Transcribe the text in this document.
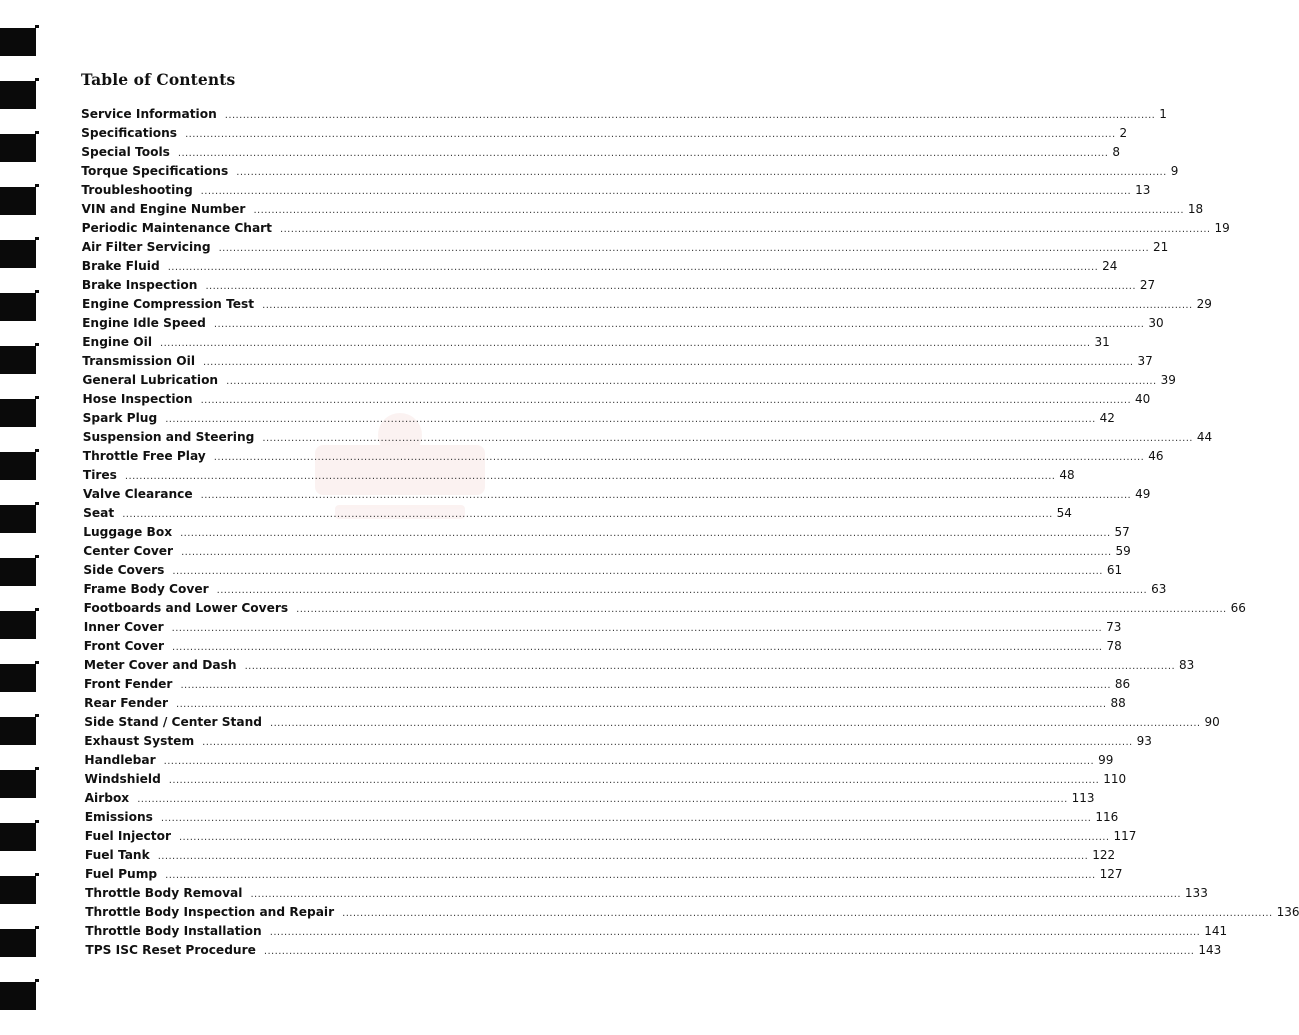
Table of Contents
Service Information .................................................................................................................................................................................................................................................................... 1
Specifications .................................................................................................................................................................................................................................................................... 2
Special Tools .................................................................................................................................................................................................................................................................... 8
Torque Specifications .................................................................................................................................................................................................................................................................... 9
Troubleshooting .................................................................................................................................................................................................................................................................... 13
VIN and Engine Number .................................................................................................................................................................................................................................................................... 18
Periodic Maintenance Chart .................................................................................................................................................................................................................................................................... 19
Air Filter Servicing .................................................................................................................................................................................................................................................................... 21
Brake Fluid .................................................................................................................................................................................................................................................................... 24
Brake Inspection .................................................................................................................................................................................................................................................................... 27
Engine Compression Test .................................................................................................................................................................................................................................................................... 29
Engine Idle Speed .................................................................................................................................................................................................................................................................... 30
Engine Oil .................................................................................................................................................................................................................................................................... 31
Transmission Oil .................................................................................................................................................................................................................................................................... 37
General Lubrication .................................................................................................................................................................................................................................................................... 39
Hose Inspection .................................................................................................................................................................................................................................................................... 40
Spark Plug .................................................................................................................................................................................................................................................................... 42
Suspension and Steering .................................................................................................................................................................................................................................................................... 44
Throttle Free Play .................................................................................................................................................................................................................................................................... 46
Tires .................................................................................................................................................................................................................................................................... 48
Valve Clearance .................................................................................................................................................................................................................................................................... 49
Seat .................................................................................................................................................................................................................................................................... 54
Luggage Box .................................................................................................................................................................................................................................................................... 57
Center Cover .................................................................................................................................................................................................................................................................... 59
Side Covers .................................................................................................................................................................................................................................................................... 61
Frame Body Cover .................................................................................................................................................................................................................................................................... 63
Footboards and Lower Covers .................................................................................................................................................................................................................................................................... 66
Inner Cover .................................................................................................................................................................................................................................................................... 73
Front Cover .................................................................................................................................................................................................................................................................... 78
Meter Cover and Dash .................................................................................................................................................................................................................................................................... 83
Front Fender .................................................................................................................................................................................................................................................................... 86
Rear Fender .................................................................................................................................................................................................................................................................... 88
Side Stand / Center Stand .................................................................................................................................................................................................................................................................... 90
Exhaust System .................................................................................................................................................................................................................................................................... 93
Handlebar .................................................................................................................................................................................................................................................................... 99
Windshield .................................................................................................................................................................................................................................................................... 110
Airbox .................................................................................................................................................................................................................................................................... 113
Emissions .................................................................................................................................................................................................................................................................... 116
Fuel Injector .................................................................................................................................................................................................................................................................... 117
Fuel Tank .................................................................................................................................................................................................................................................................... 122
Fuel Pump .................................................................................................................................................................................................................................................................... 127
Throttle Body Removal .................................................................................................................................................................................................................................................................... 133
Throttle Body Inspection and Repair .................................................................................................................................................................................................................................................................... 136
Throttle Body Installation .................................................................................................................................................................................................................................................................... 141
TPS ISC Reset Procedure .................................................................................................................................................................................................................................................................... 143
